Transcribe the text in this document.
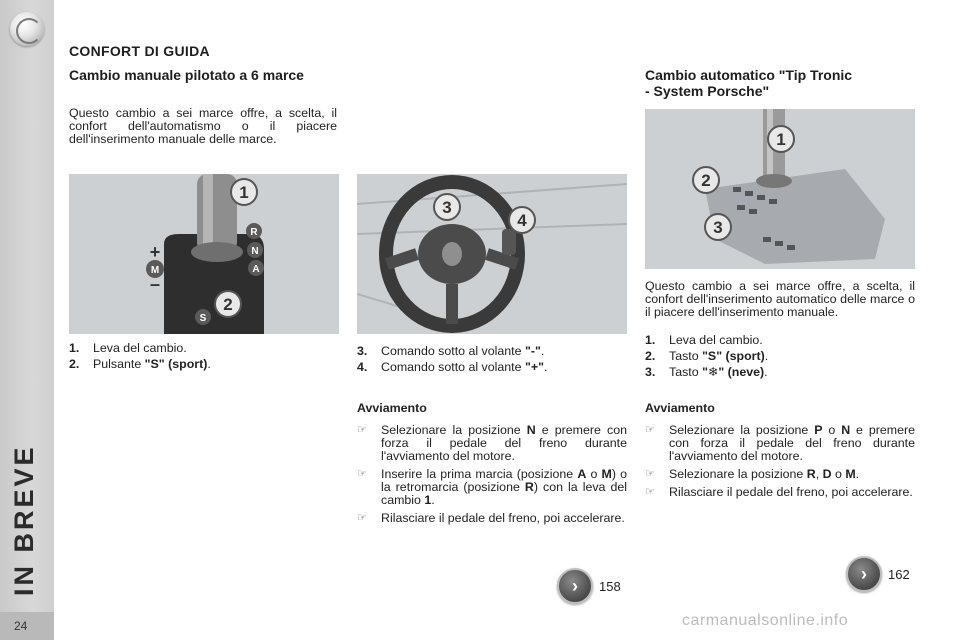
IN BREVE
24
CONFORT DI GUIDA
Cambio manuale pilotato a 6 marce
Questo cambio a sei marce offre, a scelta, il confort dell'automatismo o il piacere dell'inserimento manuale delle marce.
R
N
A
M
+
–
S
1
2
1.	Leva del cambio.
2.	Pulsante "S" (sport).
3
4
3.	Comando sotto al volante "-".
4.	Comando sotto al volante "+".
Avviamento
☞	Selezionare la posizione N e premere con forza il pedale del freno durante l'avviamento del motore.
☞	Inserire la prima marcia (posizione A o M) o la retromarcia (posizione R) con la leva del cambio 1.
☞	Rilasciare il pedale del freno, poi accelerare.
› 158
Cambio automatico "Tip Tronic
- System Porsche"
1
2
3
Questo cambio a sei marce offre, a scelta, il confort dell'inserimento automatico delle marce o il piacere dell'inserimento manuale.
1.	Leva del cambio.
2.	Tasto "S" (sport).
3.	Tasto "❄" (neve).
Avviamento
☞	Selezionare la posizione P o N e premere con forza il pedale del freno durante l'avviamento del motore.
☞	Selezionare la posizione R, D o M.
☞	Rilasciare il pedale del freno, poi accelerare.
› 162
carmanualsonline.info
